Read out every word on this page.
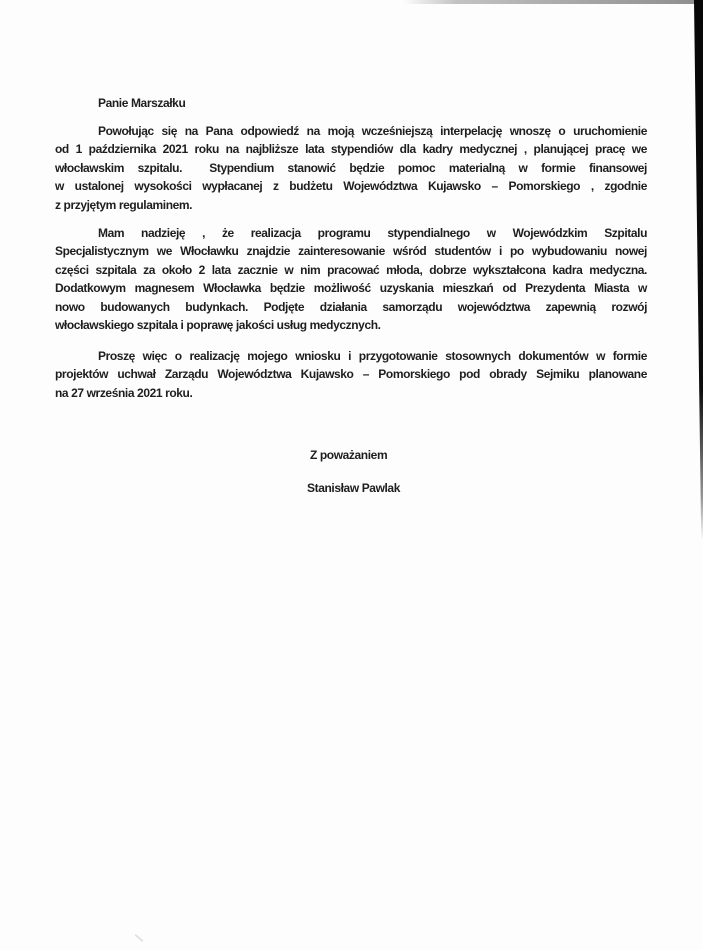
Panie Marszałku
Powołując się na Pana odpowiedź na moją wcześniejszą interpelację wnoszę o uruchomienie
od 1 października 2021 roku na najbliższe lata stypendiów dla kadry medycznej , planującej pracę we
włocławskim szpitalu.  Stypendium stanowić będzie pomoc materialną w formie finansowej
w ustalonej wysokości wypłacanej z budżetu Województwa Kujawsko – Pomorskiego , zgodnie
z przyjętym regulaminem.
Mam nadzieję , że realizacja programu stypendialnego w Wojewódzkim Szpitalu
Specjalistycznym we Włocławku znajdzie zainteresowanie wśród studentów i po wybudowaniu nowej
części szpitala za około 2 lata zacznie w nim pracować młoda, dobrze wykształcona kadra medyczna.
Dodatkowym magnesem Włocławka będzie możliwość uzyskania mieszkań od Prezydenta Miasta w
nowo budowanych budynkach. Podjęte działania samorządu województwa zapewnią rozwój
włocławskiego szpitala i poprawę jakości usług medycznych.
Proszę więc o realizację mojego wniosku i przygotowanie stosownych dokumentów w formie
projektów uchwał Zarządu Województwa Kujawsko – Pomorskiego pod obrady Sejmiku planowane
na 27 września 2021 roku.
Z poważaniem
Stanisław Pawlak
